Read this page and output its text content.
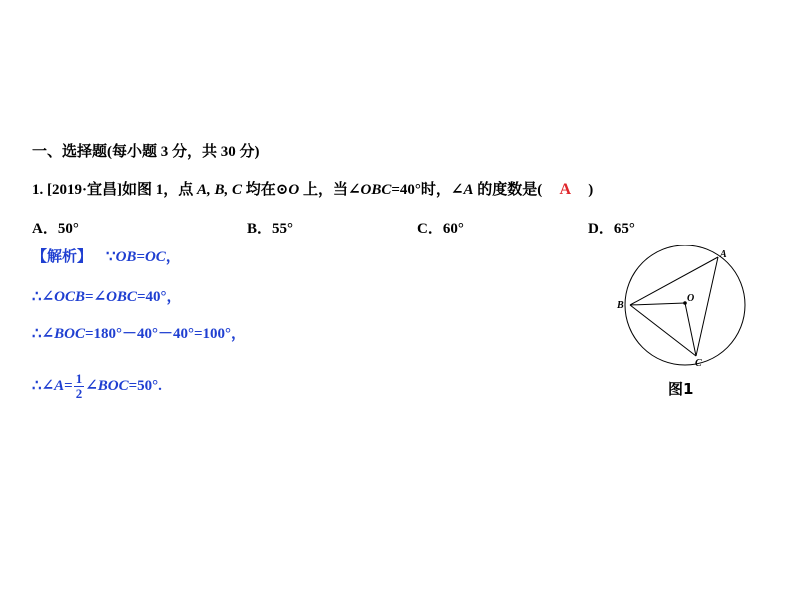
一、选择题(每小题 3 分，共 30 分)
1. [2019·宜昌]如图 1，点 A, B, C 均在⊙O 上，当∠OBC=40°时，∠A 的度数是( A )
A．50°	B．55°	C．60°	D．65°
【解析】 ∵OB=OC，
∴∠OCB=∠OBC=40°，
∴∠BOC=180°－40°－40°=100°，
∴∠A= $\frac{1}{2}$ ∠BOC=50°.
A
B
C
O
图1
